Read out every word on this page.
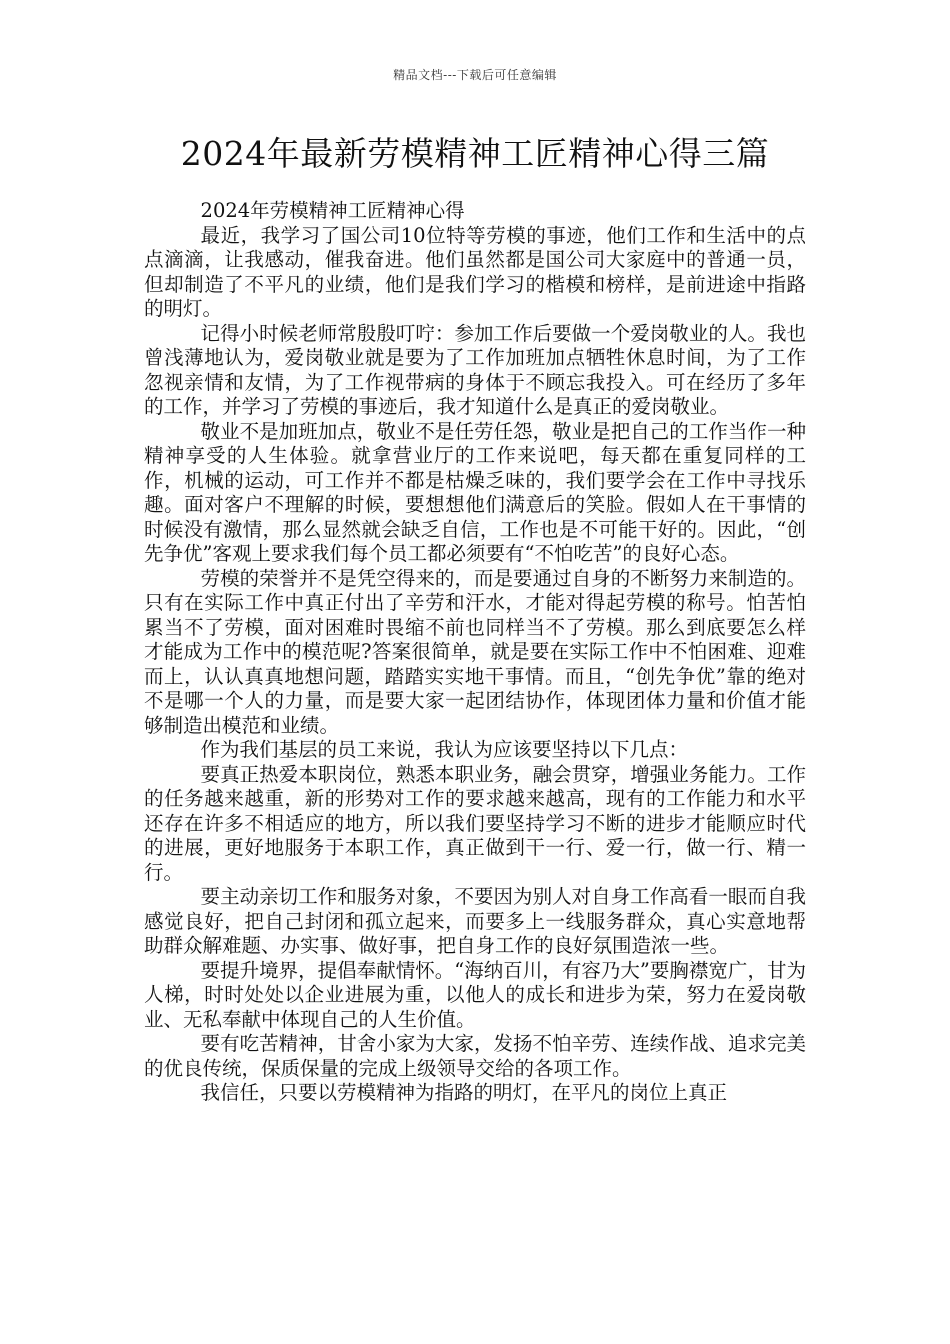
精品文档---下载后可任意编辑
2024年最新劳模精神工匠精神心得三篇

2024年劳模精神工匠精神心得

最近，我学习了国公司10位特等劳模的事迹，他们工作和生活中的点点滴滴，让我感动，催我奋进。他们虽然都是国公司大家庭中的普通一员，但却制造了不平凡的业绩，他们是我们学习的楷模和榜样，是前进途中指路的明灯。

记得小时候老师常殷殷叮咛：参加工作后要做一个爱岗敬业的人。我也曾浅薄地认为，爱岗敬业就是要为了工作加班加点牺牲休息时间，为了工作忽视亲情和友情，为了工作视带病的身体于不顾忘我投入。可在经历了多年的工作，并学习了劳模的事迹后，我才知道什么是真正的爱岗敬业。

敬业不是加班加点，敬业不是任劳任怨，敬业是把自己的工作当作一种精神享受的人生体验。就拿营业厅的工作来说吧，每天都在重复同样的工作，机械的运动，可工作并不都是枯燥乏味的，我们要学会在工作中寻找乐趣。面对客户不理解的时候，要想想他们满意后的笑脸。假如人在干事情的时候没有激情，那么显然就会缺乏自信，工作也是不可能干好的。因此，“创先争优”客观上要求我们每个员工都必须要有“不怕吃苦”的良好心态。

劳模的荣誉并不是凭空得来的，而是要通过自身的不断努力来制造的。只有在实际工作中真正付出了辛劳和汗水，才能对得起劳模的称号。怕苦怕累当不了劳模，面对困难时畏缩不前也同样当不了劳模。那么到底要怎么样才能成为工作中的模范呢?答案很简单，就是要在实际工作中不怕困难、迎难而上，认认真真地想问题，踏踏实实地干事情。而且，“创先争优”靠的绝对不是哪一个人的力量，而是要大家一起团结协作，体现团体力量和价值才能够制造出模范和业绩。

作为我们基层的员工来说，我认为应该要坚持以下几点：

要真正热爱本职岗位，熟悉本职业务，融会贯穿，增强业务能力。工作的任务越来越重，新的形势对工作的要求越来越高，现有的工作能力和水平还存在许多不相适应的地方，所以我们要坚持学习不断的进步才能顺应时代的进展，更好地服务于本职工作，真正做到干一行、爱一行，做一行、精一行。

要主动亲切工作和服务对象，不要因为别人对自身工作高看一眼而自我感觉良好，把自己封闭和孤立起来，而要多上一线服务群众，真心实意地帮助群众解难题、办实事、做好事，把自身工作的良好氛围造浓一些。

要提升境界，提倡奉献情怀。“海纳百川，有容乃大”要胸襟宽广，甘为人梯，时时处处以企业进展为重，以他人的成长和进步为荣，努力在爱岗敬业、无私奉献中体现自己的人生价值。

要有吃苦精神，甘舍小家为大家，发扬不怕辛劳、连续作战、追求完美的优良传统，保质保量的完成上级领导交给的各项工作。

我信任，只要以劳模精神为指路的明灯，在平凡的岗位上真正
